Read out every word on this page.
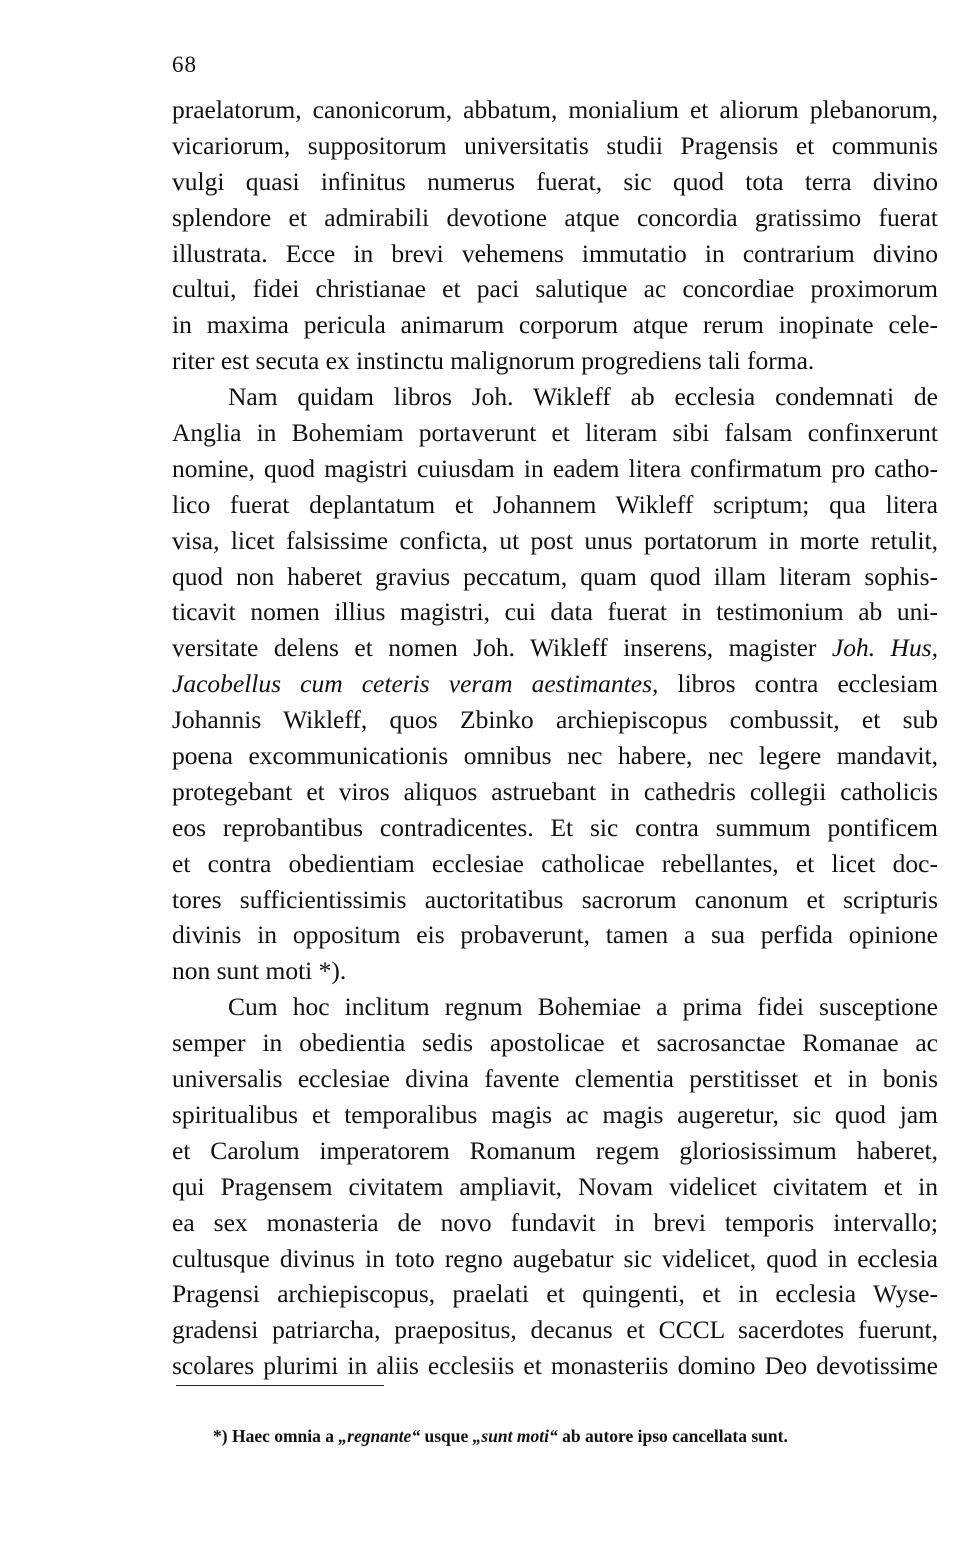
68
praelatorum, canonicorum, abbatum, monialium et aliorum plebanorum,
vicariorum, suppositorum universitatis studii Pragensis et communis
vulgi quasi infinitus numerus fuerat, sic quod tota terra divino
splendore et admirabili devotione atque concordia gratissimo fuerat
illustrata. Ecce in brevi vehemens immutatio in contrarium divino
cultui, fidei christianae et paci salutique ac concordiae proximorum
in maxima pericula animarum corporum atque rerum inopinate cele-
riter est secuta ex instinctu malignorum progrediens tali forma.
Nam quidam libros Joh. Wikleff ab ecclesia condemnati de
Anglia in Bohemiam portaverunt et literam sibi falsam confinxerunt
nomine, quod magistri cuiusdam in eadem litera confirmatum pro catho-
lico fuerat deplantatum et Johannem Wikleff scriptum; qua litera
visa, licet falsissime conficta, ut post unus portatorum in morte retulit,
quod non haberet gravius peccatum, quam quod illam literam sophis-
ticavit nomen illius magistri, cui data fuerat in testimonium ab uni-
versitate delens et nomen Joh. Wikleff inserens, magister Joh. Hus,
Jacobellus cum ceteris veram aestimantes, libros contra ecclesiam
Johannis Wikleff, quos Zbinko archiepiscopus combussit, et sub
poena excommunicationis omnibus nec habere, nec legere mandavit,
protegebant et viros aliquos astruebant in cathedris collegii catholicis
eos reprobantibus contradicentes. Et sic contra summum pontificem
et contra obedientiam ecclesiae catholicae rebellantes, et licet doc-
tores sufficientissimis auctoritatibus sacrorum canonum et scripturis
divinis in oppositum eis probaverunt, tamen a sua perfida opinione
non sunt moti *).
Cum hoc inclitum regnum Bohemiae a prima fidei susceptione
semper in obedientia sedis apostolicae et sacrosanctae Romanae ac
universalis ecclesiae divina favente clementia perstitisset et in bonis
spiritualibus et temporalibus magis ac magis augeretur, sic quod jam
et Carolum imperatorem Romanum regem gloriosissimum haberet,
qui Pragensem civitatem ampliavit, Novam videlicet civitatem et in
ea sex monasteria de novo fundavit in brevi temporis intervallo;
cultusque divinus in toto regno augebatur sic videlicet, quod in ecclesia
Pragensi archiepiscopus, praelati et quingenti, et in ecclesia Wyse-
gradensi patriarcha, praepositus, decanus et CCCL sacerdotes fuerunt,
scolares plurimi in aliis ecclesiis et monasteriis domino Deo devotissime
*) Haec omnia a „regnante“ usque „sunt moti“ ab autore ipso cancellata sunt.
